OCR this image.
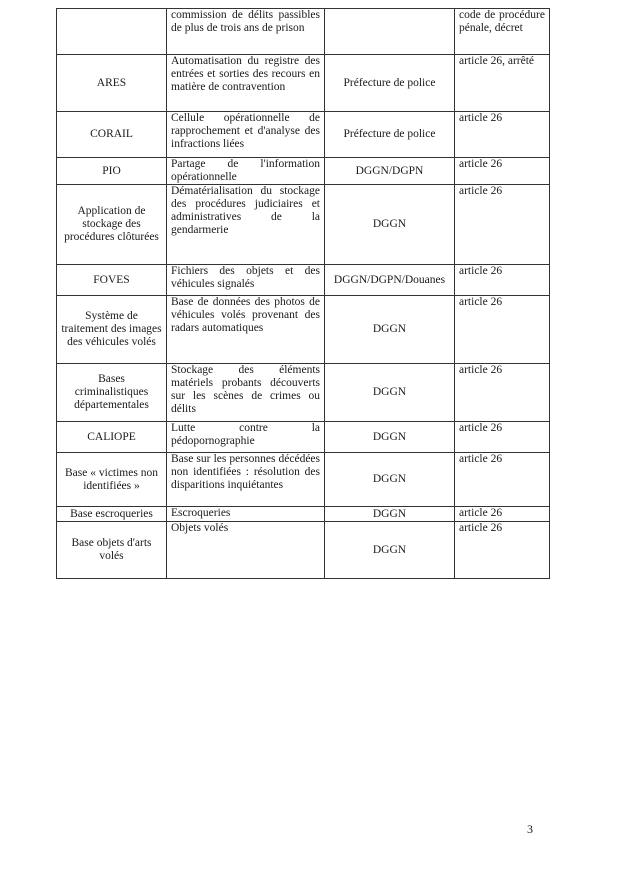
	commission de délits passibles de plus de trois ans de prison		code de procédure pénale, décret
ARES	Automatisation du registre des entrées et sorties des recours en matière de contravention	Préfecture de police	article 26, arrêté
CORAIL	Cellule opérationnelle de rapprochement et d'analyse des infractions liées	Préfecture de police	article 26
PIO	Partage de l'information opérationnelle	DGGN/DGPN	article 26
Application de stockage des procédures clôturées	Dématérialisation du stockage des procédures judiciaires et administratives de la gendarmerie	DGGN	article 26
FOVES	Fichiers des objets et des véhicules signalés	DGGN/DGPN/Douanes	article 26
Système de traitement des images des véhicules volés	Base de données des photos de véhicules volés provenant des radars automatiques	DGGN	article 26
Bases criminalistiques départementales	Stockage des éléments matériels probants découverts sur les scènes de crimes ou délits	DGGN	article 26
CALIOPE	Lutte contre la pédopornographie	DGGN	article 26
Base « victimes non identifiées »	Base sur les personnes décédées non identifiées : résolution des disparitions inquiétantes	DGGN	article 26
Base escroqueries	Escroqueries	DGGN	article 26
Base objets d'arts volés	Objets volés	DGGN	article 26
3
